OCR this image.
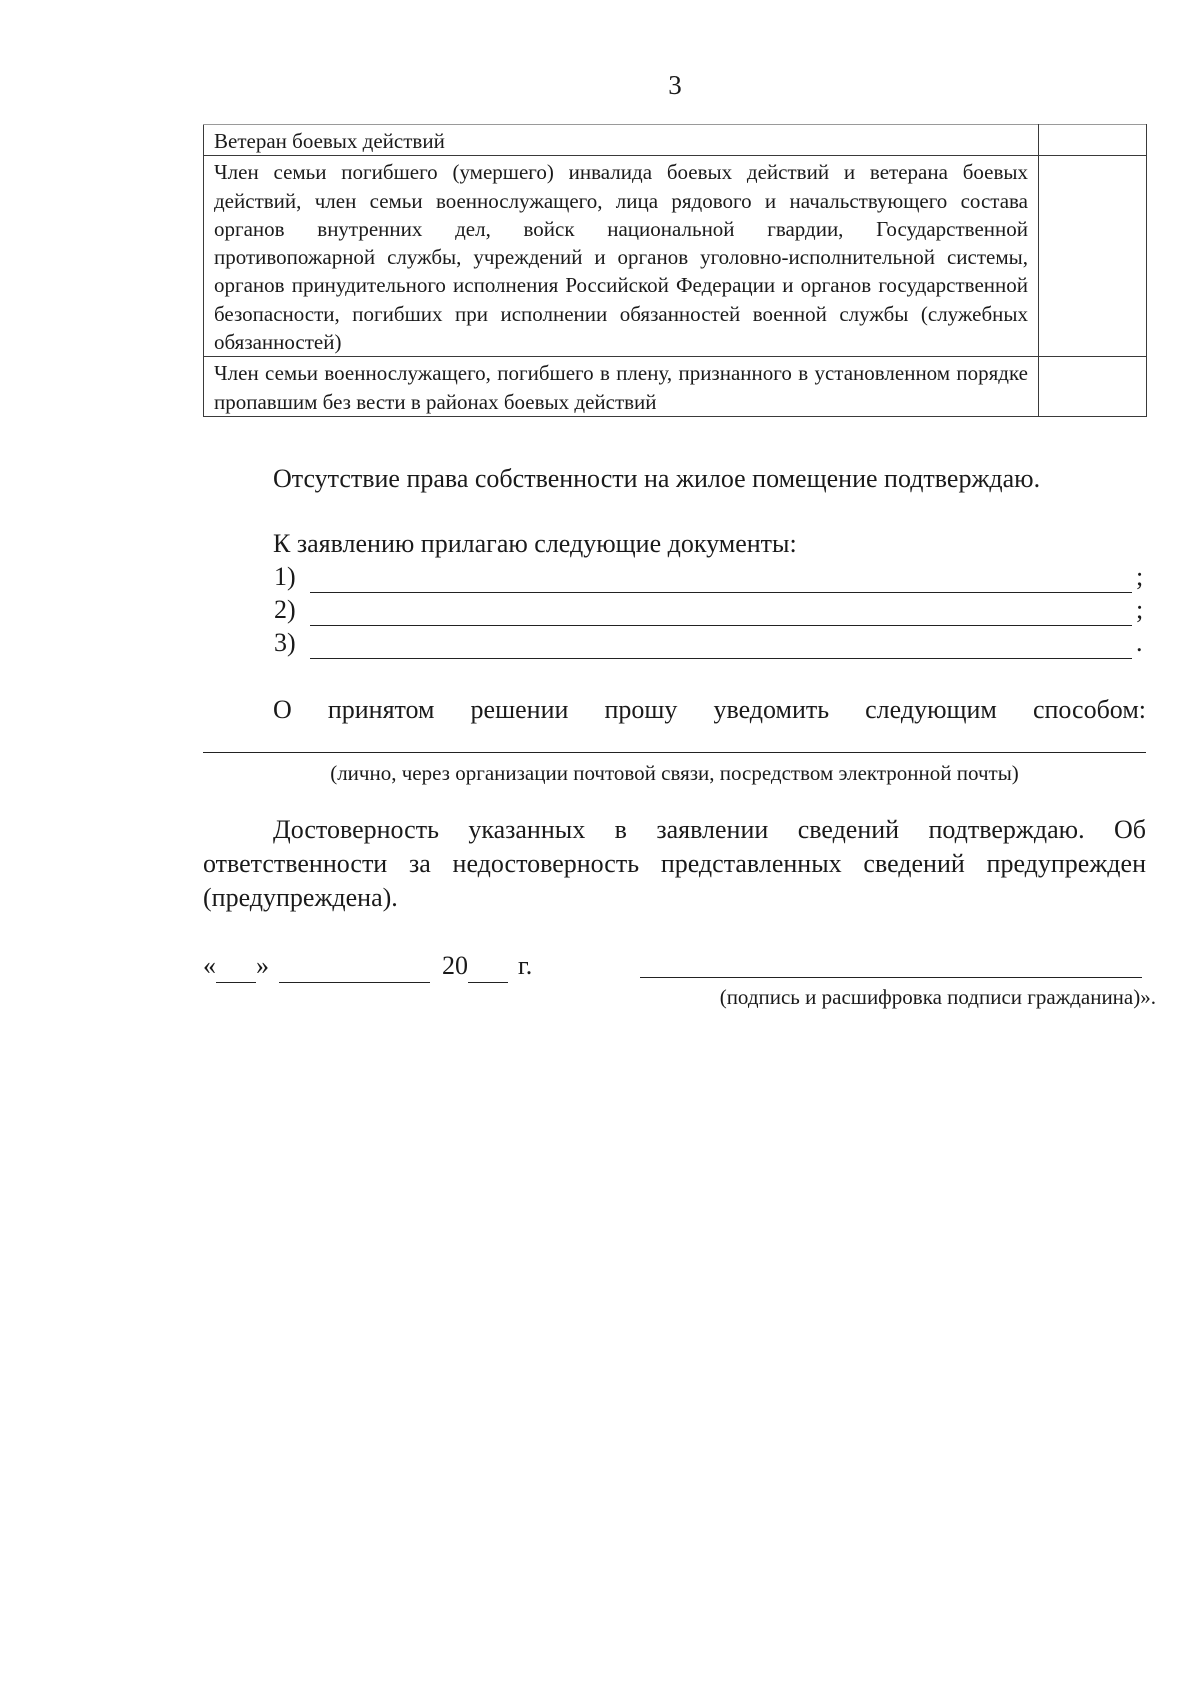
3
Ветеран боевых действий	
Член семьи погибшего (умершего) инвалида боевых действий и ветерана боевых действий, член семьи военнослужащего, лица рядового и начальствующего состава органов внутренних дел, войск национальной гвардии, Государственной противопожарной службы, учреждений и органов уголовно-исполнительной системы, органов принудительного исполнения Российской Федерации и органов государственной безопасности, погибших при исполнении обязанностей военной службы (служебных обязанностей)	
Член семьи военнослужащего, погибшего в плену, признанного в установленном порядке пропавшим без вести в районах боевых действий	

Отсутствие права собственности на жилое помещение подтверждаю.

К заявлению прилагаю следующие документы:

1)	;
2)	;
3)	.

О принятом решении прошу уведомить следующим способом:

(лично, через организации почтовой связи, посредством электронной почты)

Достоверность указанных в заявлении сведений подтверждаю. Об ответственности за недостоверность представленных сведений предупрежден (предупреждена).

« »	20 г.

(подпись и расшифровка подписи гражданина)».
